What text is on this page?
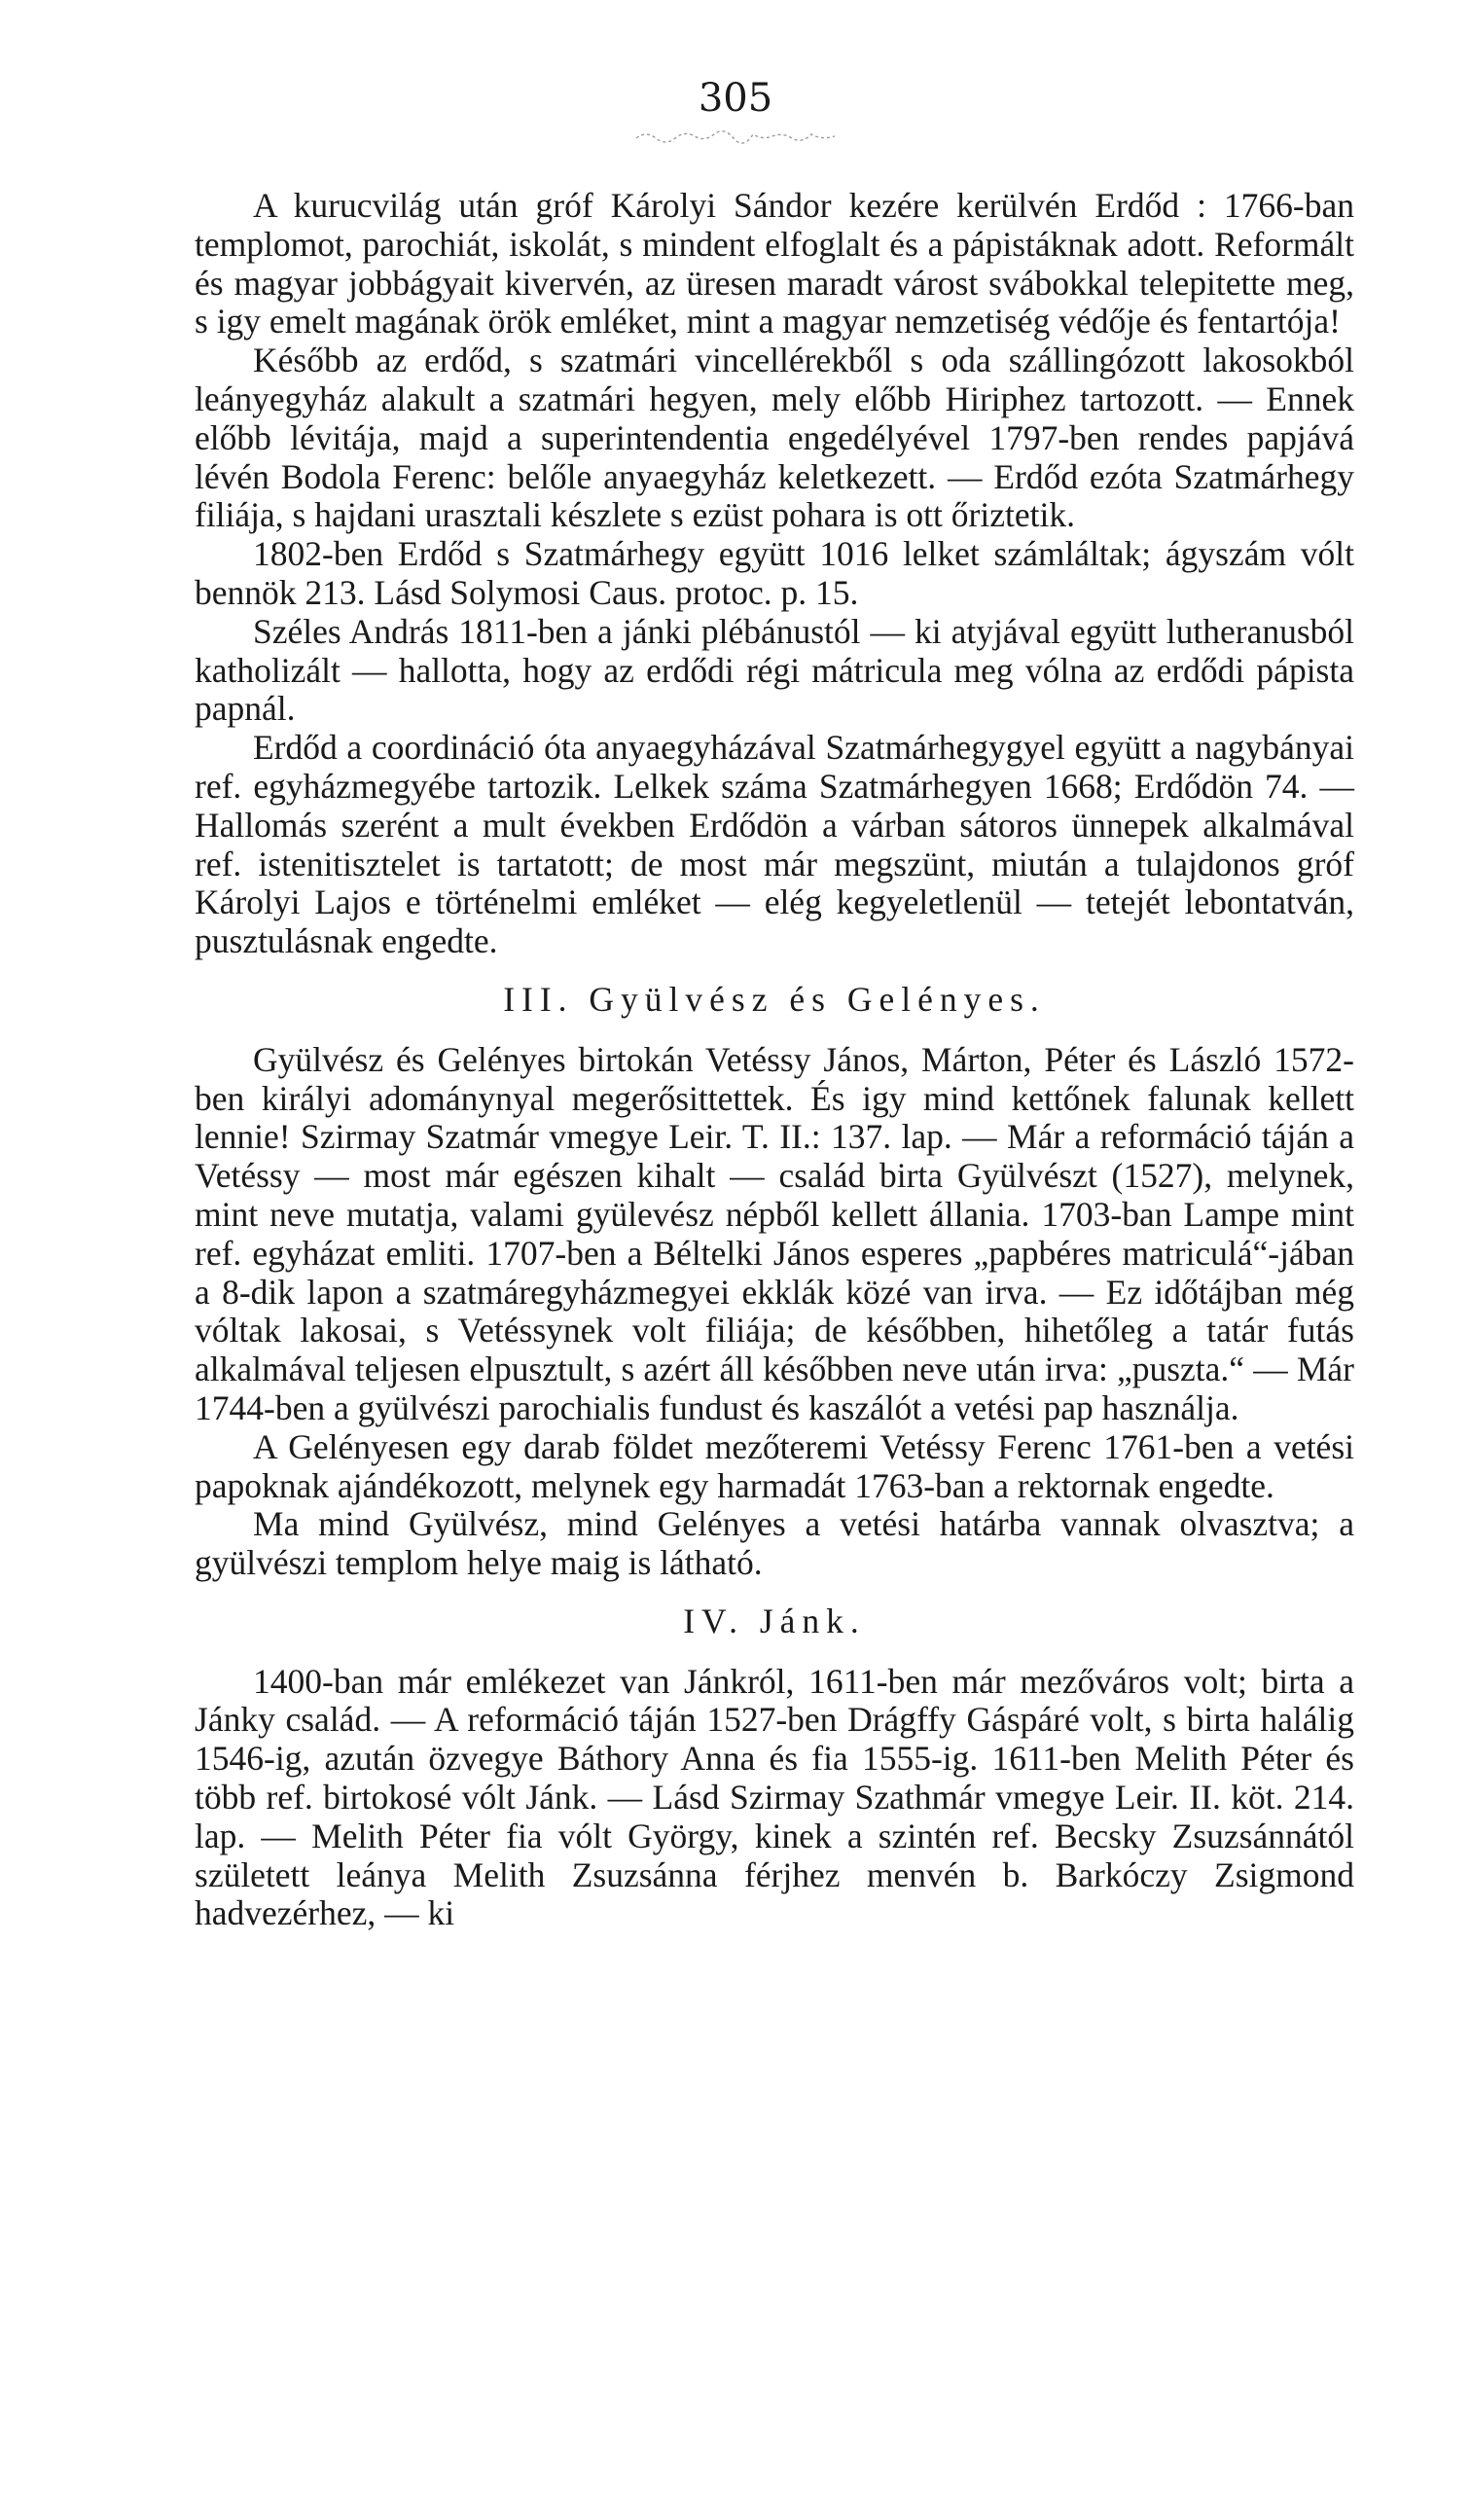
305

A kurucvilág után gróf Károlyi Sándor kezére kerülvén Erdőd : 1766-ban templomot, parochiát, iskolát, s mindent elfoglalt és a pápistáknak adott. Reformált és magyar jobbágyait kivervén, az üresen maradt várost svábokkal telepitette meg, s igy emelt magának örök emléket, mint a magyar nemzetiség védője és fentartója!

Később az erdőd, s szatmári vincellérekből s oda szállingózott lakosokból leányegyház alakult a szatmári hegyen, mely előbb Hiriphez tartozott. — Ennek előbb lévitája, majd a superintendentia engedélyével 1797-ben rendes papjává lévén Bodola Ferenc: belőle anyaegyház keletkezett. — Erdőd ezóta Szatmárhegy filiája, s hajdani urasztali készlete s ezüst pohara is ott őriztetik.

1802-ben Erdőd s Szatmárhegy együtt 1016 lelket számláltak; ágyszám vólt bennök 213. Lásd Solymosi Caus. protoc. p. 15.

Széles András 1811-ben a jánki plébánustól — ki atyjával együtt lutheranusból katholizált — hallotta, hogy az erdődi régi mátricula meg vólna az erdődi pápista papnál.

Erdőd a coordináció óta anyaegyházával Szatmárhegygyel együtt a nagybányai ref. egyházmegyébe tartozik. Lelkek száma Szatmárhegyen 1668; Erdődön 74. — Hallomás szerént a mult években Erdődön a várban sátoros ünnepek alkalmával ref. istenitisztelet is tartatott; de most már megszünt, miután a tulajdonos gróf Károlyi Lajos e történelmi emléket — elég kegyeletlenül — tetejét lebontatván, pusztulásnak engedte.

III. Gyülvész és Gelényes.

Gyülvész és Gelényes birtokán Vetéssy János, Márton, Péter és László 1572-ben királyi adománynyal megerősittettek. És igy mind kettőnek falunak kellett lennie! Szirmay Szatmár vmegye Leir. T. II.: 137. lap. — Már a reformáció táján a Vetéssy — most már egészen kihalt — család birta Gyülvészt (1527), melynek, mint neve mutatja, valami gyülevész népből kellett állania. 1703-ban Lampe mint ref. egyházat emliti. 1707-ben a Béltelki János esperes „papbéres matriculá“-jában a 8-dik lapon a szatmáregyházmegyei ekklák közé van irva. — Ez időtájban még vóltak lakosai, s Vetéssynek volt filiája; de későbben, hihetőleg a tatár futás alkalmával teljesen elpusztult, s azért áll későbben neve után irva: „puszta.“ — Már 1744-ben a gyülvészi parochialis fundust és kaszálót a vetési pap használja.

A Gelényesen egy darab földet mezőteremi Vetéssy Ferenc 1761-ben a vetési papoknak ajándékozott, melynek egy harmadát 1763-ban a rektornak engedte.

Ma mind Gyülvész, mind Gelényes a vetési határba vannak olvasztva; a gyülvészi templom helye maig is látható.

IV. Jánk.

1400-ban már emlékezet van Jánkról, 1611-ben már mezőváros volt; birta a Jánky család. — A reformáció táján 1527-ben Drágffy Gáspáré volt, s birta halálig 1546-ig, azután özvegye Báthory Anna és fia 1555-ig. 1611-ben Melith Péter és több ref. birtokosé vólt Jánk. — Lásd Szirmay Szathmár vmegye Leir. II. köt. 214. lap. — Melith Péter fia vólt György, kinek a szintén ref. Becsky Zsuzsánnától született leánya Melith Zsuzsánna férjhez menvén b. Barkóczy Zsigmond hadvezérhez, — ki
